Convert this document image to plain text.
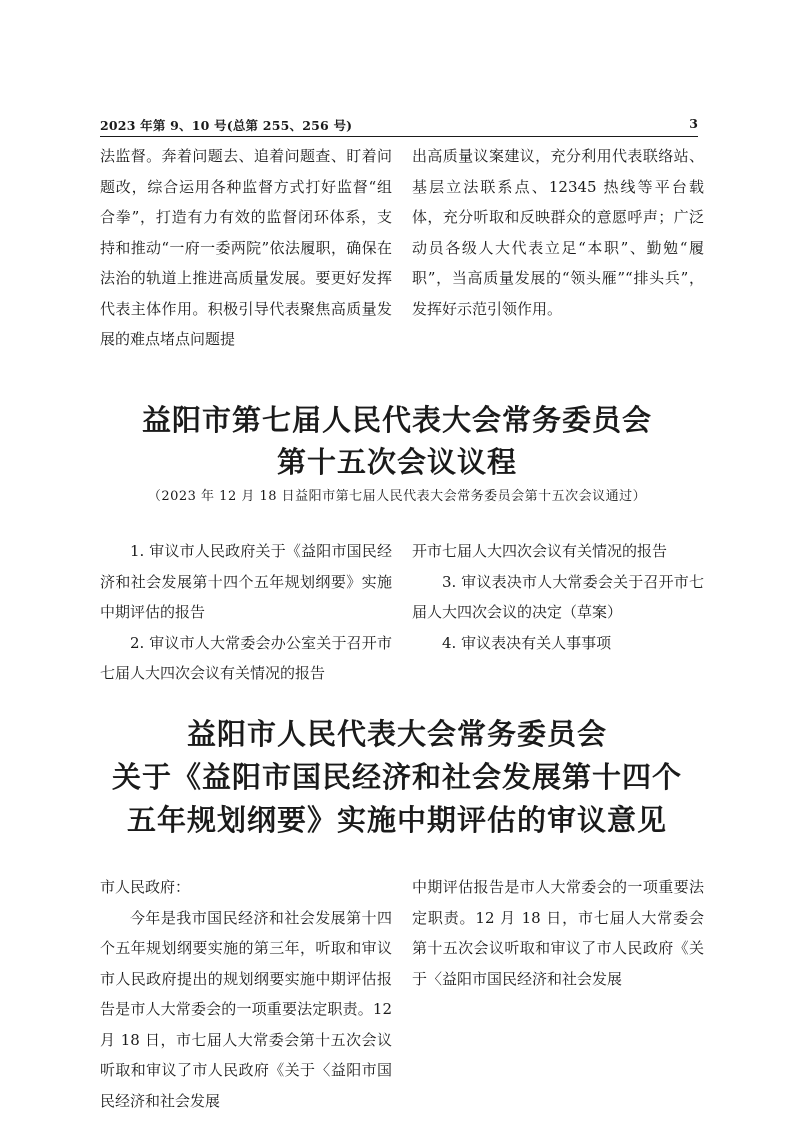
2023 年第 9、10 号(总第 255、256 号)	3

法监督。奔着问题去、追着问题查、盯着问题改，综合运用各种监督方式打好监督“组合拳”，打造有力有效的监督闭环体系，支持和推动“一府一委两院”依法履职，确保在法治的轨道上推进高质量发展。要更好发挥代表主体作用。积极引导代表聚焦高质量发展的难点堵点问题提

出高质量议案建议，充分利用代表联络站、基层立法联系点、12345 热线等平台载体，充分听取和反映群众的意愿呼声；广泛动员各级人大代表立足“本职”、勤勉“履职”，当高质量发展的“领头雁”“排头兵”，发挥好示范引领作用。

益阳市第七届人民代表大会常务委员会
第十五次会议议程
（2023 年 12 月 18 日益阳市第七届人民代表大会常务委员会第十五次会议通过）

1. 审议市人民政府关于《益阳市国民经济和社会发展第十四个五年规划纲要》实施中期评估的报告

2. 审议市人大常委会办公室关于召开市七届人大四次会议有关情况的报告

开市七届人大四次会议有关情况的报告

3. 审议表决市人大常委会关于召开市七届人大四次会议的决定（草案）

4. 审议表决有关人事事项

益阳市人民代表大会常务委员会
关于《益阳市国民经济和社会发展第十四个
五年规划纲要》实施中期评估的审议意见

市人民政府：

今年是我市国民经济和社会发展第十四个五年规划纲要实施的第三年，听取和审议市人民政府提出的规划纲要实施中期评估报告是市人大常委会的一项重要法定职责。12 月 18 日，市七届人大常委会第十五次会议听取和审议了市人民政府《关于〈益阳市国民经济和社会发展

中期评估报告是市人大常委会的一项重要法定职责。12 月 18 日，市七届人大常委会第十五次会议听取和审议了市人民政府《关于〈益阳市国民经济和社会发展
